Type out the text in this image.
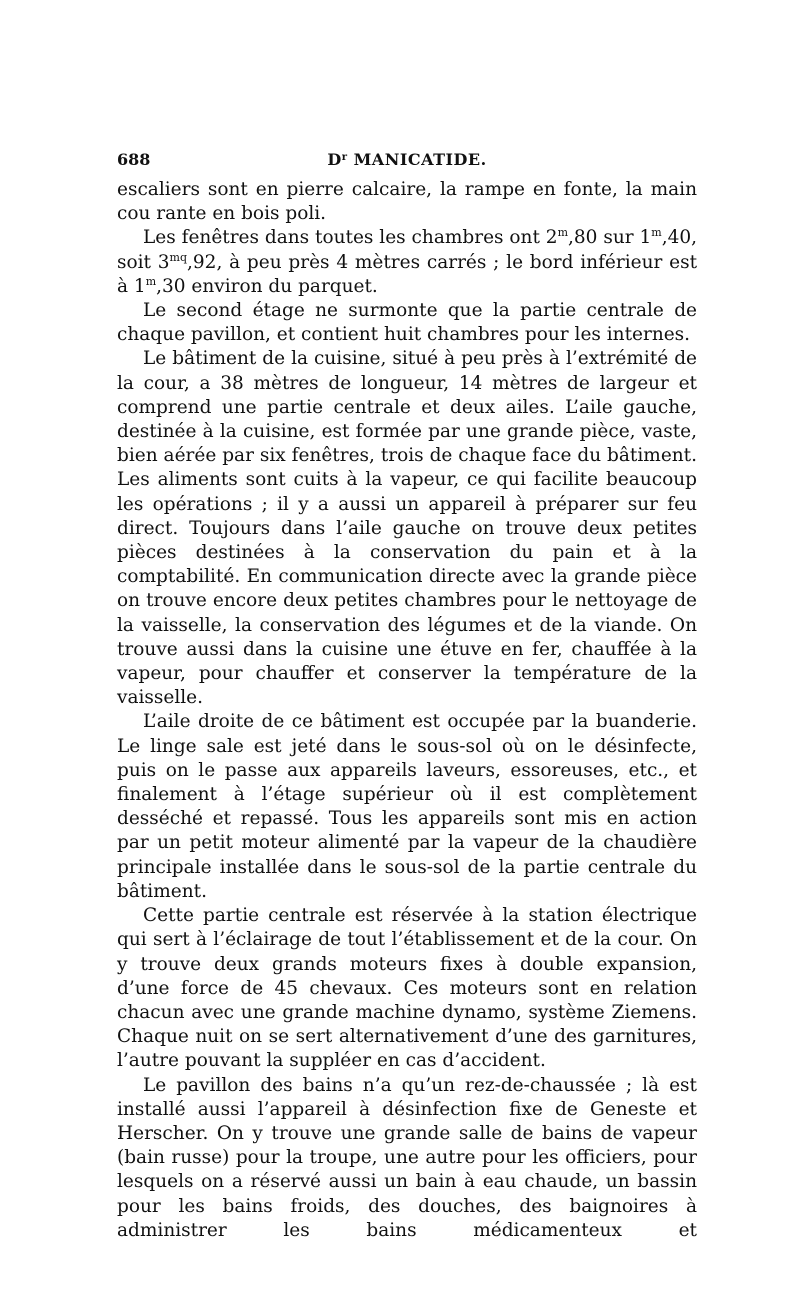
688	$D^r$ MANICATIDE.

escaliers sont en pierre calcaire, la rampe en fonte, la main cou rante en bois poli.

Les fenêtres dans toutes les chambres ont 2$^m$,80 sur 1$^m$,40, soit $3^{mq},92$, à peu près 4 mètres carrés ; le bord inférieur est à 1$^m$,30 environ du parquet.

Le second étage ne surmonte que la partie centrale de chaque pavillon, et contient huit chambres pour les internes.

Le bâtiment de la cuisine, situé à peu près à l’extrémité de la cour, a 38 mètres de longueur, 14 mètres de largeur et comprend une partie centrale et deux ailes. L’aile gauche, destinée à la cuisine, est formée par une grande pièce, vaste, bien aérée par six fenêtres, trois de chaque face du bâtiment. Les aliments sont cuits à la vapeur, ce qui facilite beaucoup les opérations ; il y a aussi un appareil à préparer sur feu direct. Toujours dans l’aile gauche on trouve deux petites pièces destinées à la conservation du pain et à la comptabilité. En communication directe avec la grande pièce on trouve encore deux petites chambres pour le nettoyage de la vaisselle, la conservation des légumes et de la viande. On trouve aussi dans la cuisine une étuve en fer, chauffée à la vapeur, pour chauffer et conserver la température de la vaisselle.

L’aile droite de ce bâtiment est occupée par la buanderie. Le linge sale est jeté dans le sous-sol où on le désinfecte, puis on le passe aux appareils laveurs, essoreuses, etc., et finalement à l’étage supérieur où il est complètement desséché et repassé. Tous les appareils sont mis en action par un petit moteur alimenté par la vapeur de la chaudière principale installée dans le sous-sol de la partie centrale du bâtiment.

Cette partie centrale est réservée à la station électrique qui sert à l’éclairage de tout l’établissement et de la cour. On y trouve deux grands moteurs fixes à double expansion, d’une force de 45 chevaux. Ces moteurs sont en relation chacun avec une grande machine dynamo, système Ziemens. Chaque nuit on se sert alternativement d’une des garnitures, l’autre pouvant la suppléer en cas d’accident.

Le pavillon des bains n’a qu’un rez-de-chaussée ; là est installé aussi l’appareil à désinfection fixe de Geneste et Herscher. On y trouve une grande salle de bains de vapeur (bain russe) pour la troupe, une autre pour les officiers, pour lesquels on a réservé aussi un bain à eau chaude, un bassin pour les bains froids, des douches, des baignoires à administrer les bains médicamenteux et
